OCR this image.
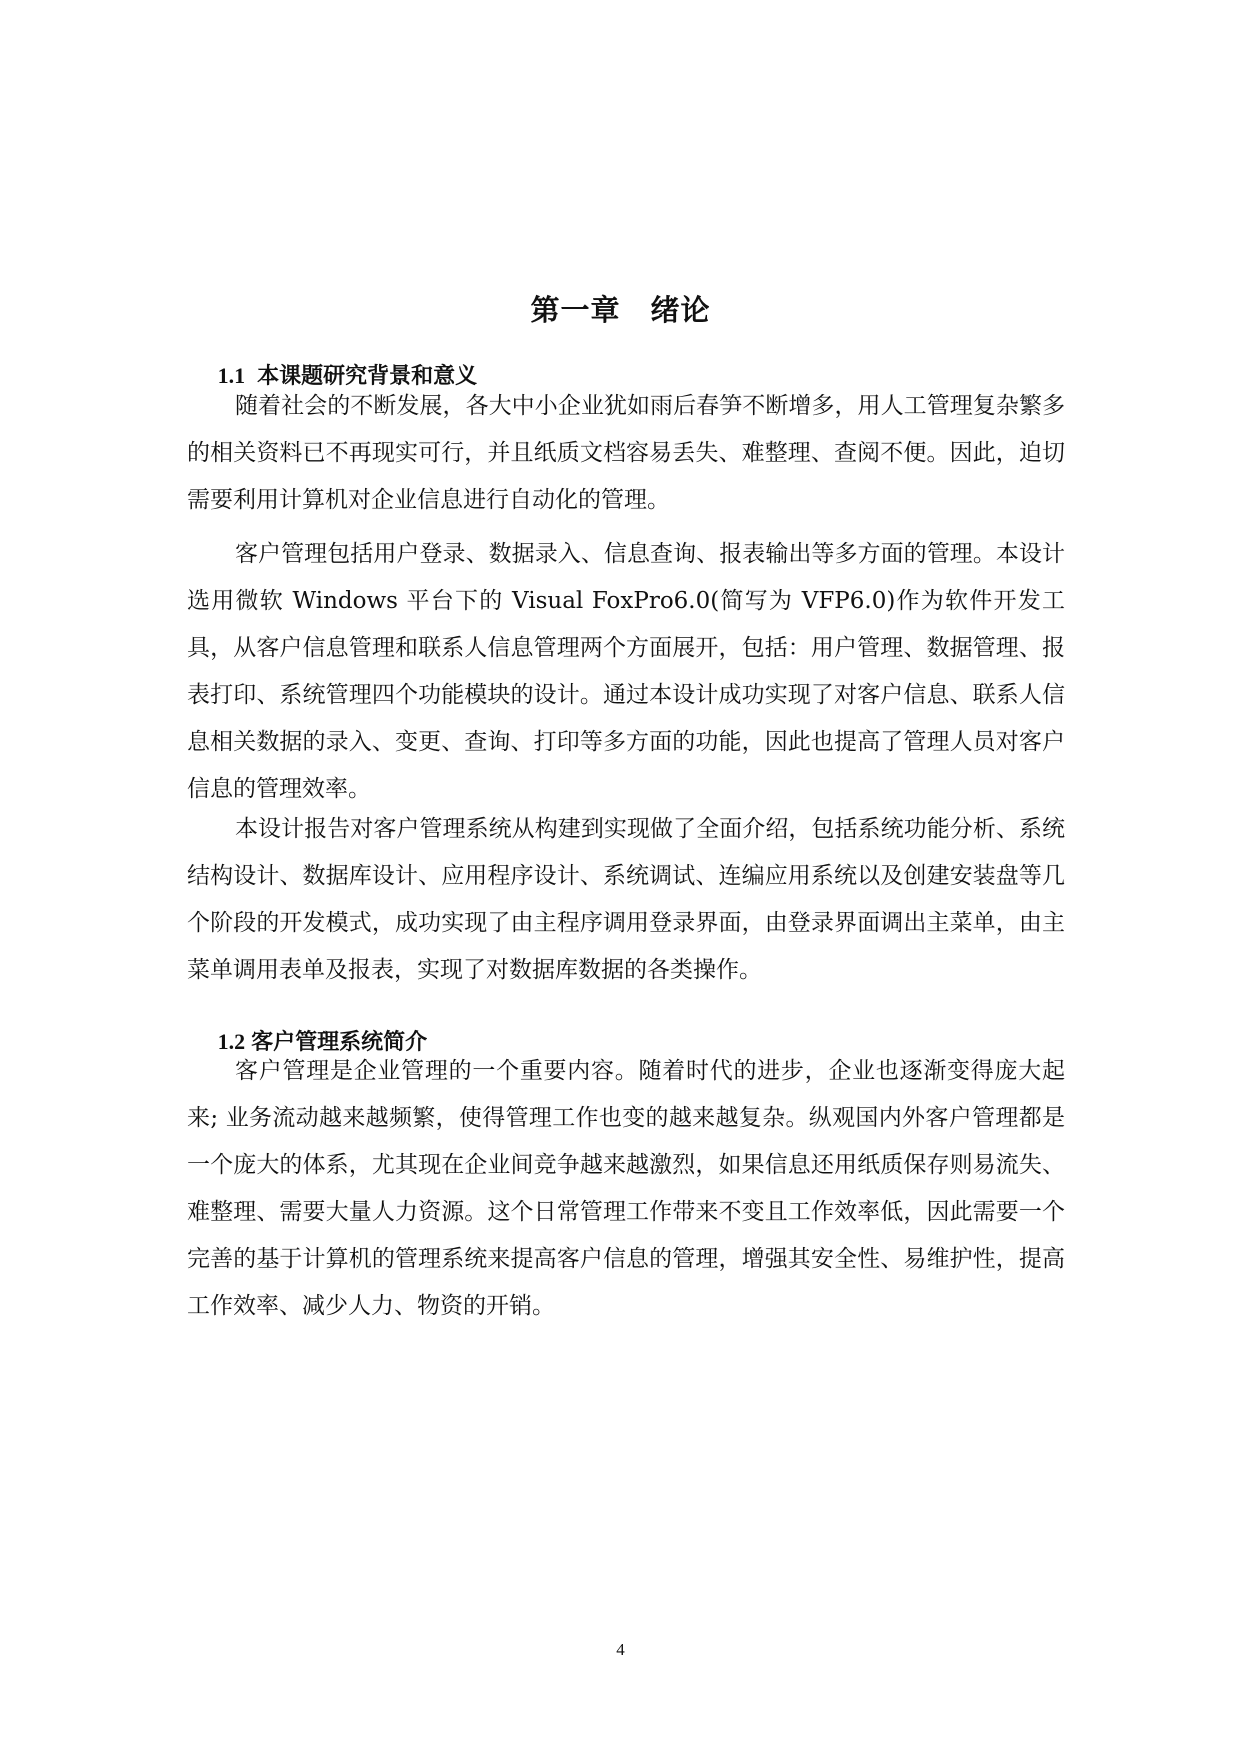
第一章　绪论

1.1 本课题研究背景和意义

随着社会的不断发展，各大中小企业犹如雨后春笋不断增多，用人工管理复杂繁多的相关资料已不再现实可行，并且纸质文档容易丢失、难整理、查阅不便。因此，迫切需要利用计算机对企业信息进行自动化的管理。

客户管理包括用户登录、数据录入、信息查询、报表输出等多方面的管理。本设计选用微软 Windows 平台下的 Visual FoxPro6.0(简写为 VFP6.0)作为软件开发工具，从客户信息管理和联系人信息管理两个方面展开，包括：用户管理、数据管理、报表打印、系统管理四个功能模块的设计。通过本设计成功实现了对客户信息、联系人信息相关数据的录入、变更、查询、打印等多方面的功能，因此也提高了管理人员对客户信息的管理效率。

本设计报告对客户管理系统从构建到实现做了全面介绍，包括系统功能分析、系统结构设计、数据库设计、应用程序设计、系统调试、连编应用系统以及创建安装盘等几个阶段的开发模式，成功实现了由主程序调用登录界面，由登录界面调出主菜单，由主菜单调用表单及报表，实现了对数据库数据的各类操作。

1.2 客户管理系统简介

客户管理是企业管理的一个重要内容。随着时代的进步，企业也逐渐变得庞大起来; 业务流动越来越频繁，使得管理工作也变的越来越复杂。纵观国内外客户管理都是一个庞大的体系，尤其现在企业间竞争越来越激烈，如果信息还用纸质保存则易流失、难整理、需要大量人力资源。这个日常管理工作带来不变且工作效率低，因此需要一个完善的基于计算机的管理系统来提高客户信息的管理，增强其安全性、易维护性，提高工作效率、减少人力、物资的开销。

4
